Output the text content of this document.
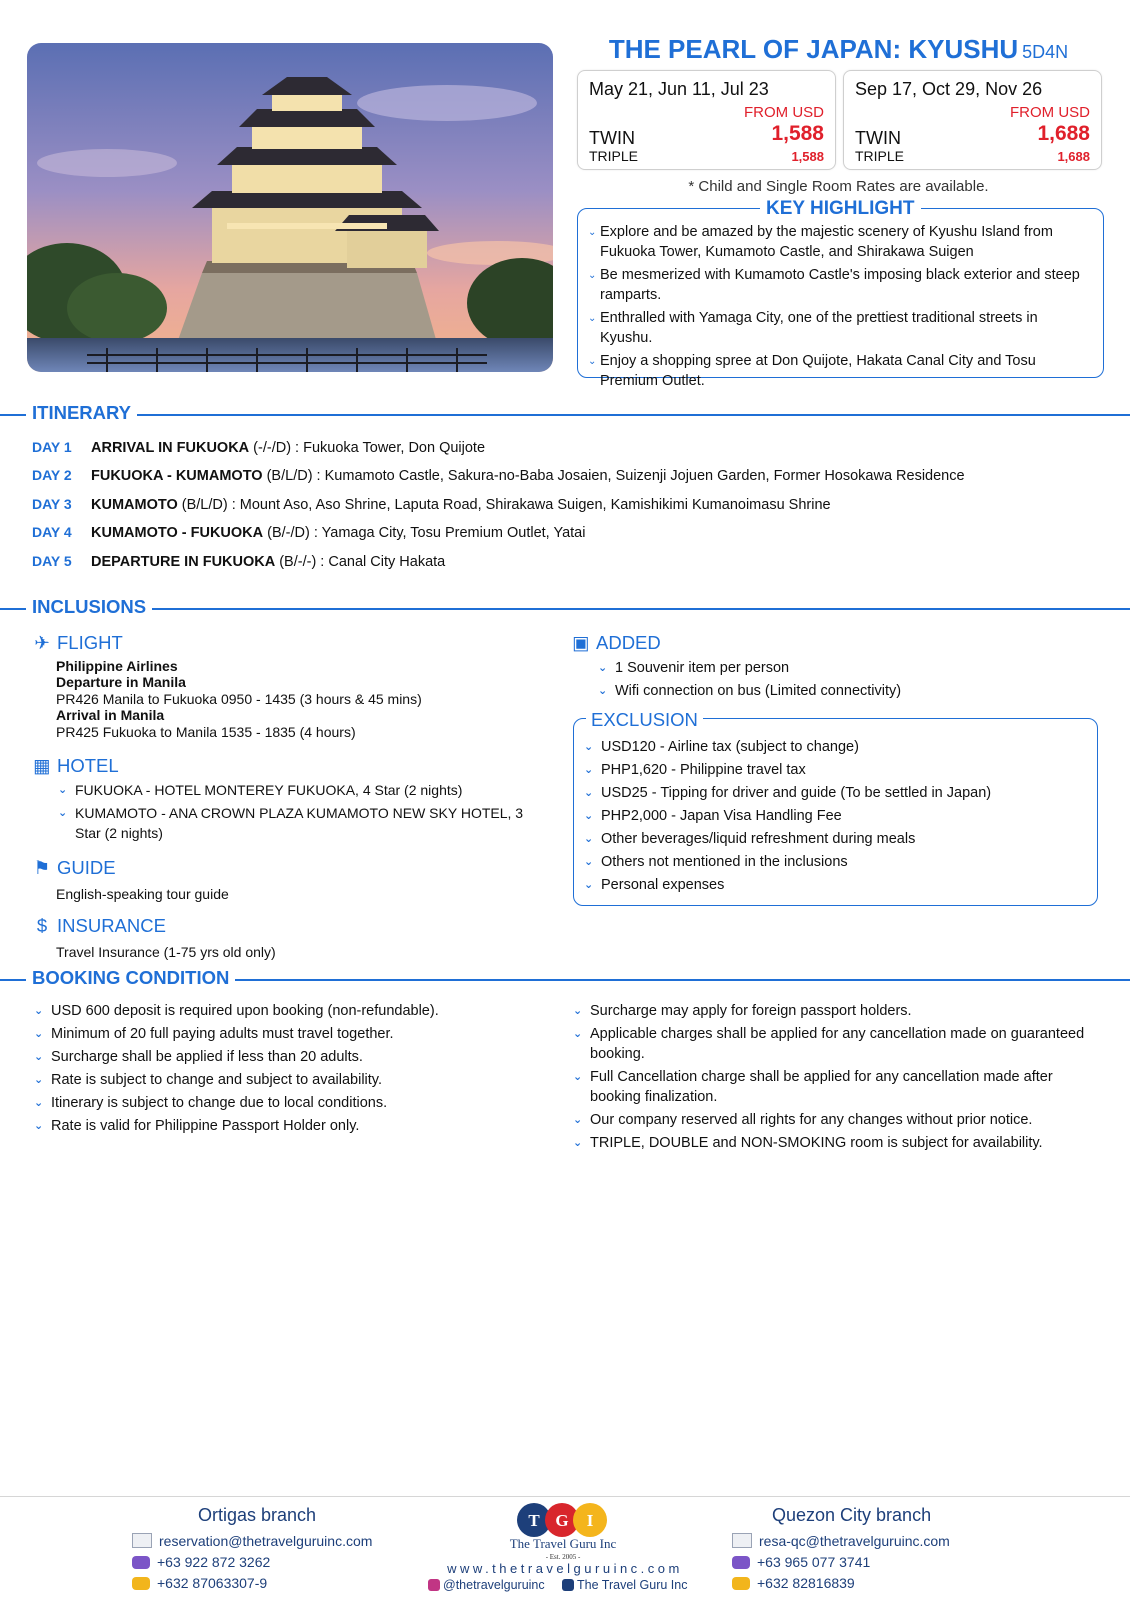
THE PEARL OF JAPAN: KYUSHU 5D4N
May 21, Jun 11, Jul 23
FROM USD
TWIN	1,588
TRIPLE	1,588
Sep 17, Oct 29, Nov 26
FROM USD
TWIN	1,688
TRIPLE	1,688
* Child and Single Room Rates are available.
KEY HIGHLIGHT
⌄ Explore and be amazed by the majestic scenery of Kyushu Island from Fukuoka Tower, Kumamoto Castle, and Shirakawa Suigen
⌄ Be mesmerized with Kumamoto Castle's imposing black exterior and steep ramparts.
⌄ Enthralled with Yamaga City, one of the prettiest traditional streets in Kyushu.
⌄ Enjoy a shopping spree at Don Quijote, Hakata Canal City and Tosu Premium Outlet.
ITINERARY
DAY 1 ARRIVAL IN FUKUOKA (-/-/D) : Fukuoka Tower, Don Quijote
DAY 2 FUKUOKA - KUMAMOTO (B/L/D) : Kumamoto Castle, Sakura-no-Baba Josaien, Suizenji Jojuen Garden, Former Hosokawa Residence
DAY 3 KUMAMOTO (B/L/D) : Mount Aso, Aso Shrine, Laputa Road, Shirakawa Suigen, Kamishikimi Kumanoimasu Shrine
DAY 4 KUMAMOTO - FUKUOKA (B/-/D) : Yamaga City, Tosu Premium Outlet, Yatai
DAY 5 DEPARTURE IN FUKUOKA (B/-/-) : Canal City Hakata
INCLUSIONS
✈ FLIGHT
Philippine Airlines
Departure in Manila
PR426 Manila to Fukuoka 0950 - 1435 (3 hours & 45 mins)
Arrival in Manila
PR425 Fukuoka to Manila 1535 - 1835 (4 hours)
▦ HOTEL
⌄ FUKUOKA - HOTEL MONTEREY FUKUOKA, 4 Star (2 nights)
⌄ KUMAMOTO - ANA CROWN PLAZA KUMAMOTO NEW SKY HOTEL, 3 Star (2 nights)
⚑ GUIDE
English-speaking tour guide
$ INSURANCE
Travel Insurance (1-75 yrs old only)
▣ ADDED
⌄ 1 Souvenir item per person
⌄ Wifi connection on bus (Limited connectivity)
EXCLUSION
⌄ USD120 - Airline tax (subject to change)
⌄ PHP1,620 - Philippine travel tax
⌄ USD25 - Tipping for driver and guide (To be settled in Japan)
⌄ PHP2,000 - Japan Visa Handling Fee
⌄ Other beverages/liquid refreshment during meals
⌄ Others not mentioned in the inclusions
⌄ Personal expenses
BOOKING CONDITION
⌄ USD 600 deposit is required upon booking (non-refundable).
⌄ Minimum of 20 full paying adults must travel together.
⌄ Surcharge shall be applied if less than 20 adults.
⌄ Rate is subject to change and subject to availability.
⌄ Itinerary is subject to change due to local conditions.
⌄ Rate is valid for Philippine Passport Holder only.
⌄ Surcharge may apply for foreign passport holders.
⌄ Applicable charges shall be applied for any cancellation made on guaranteed booking.
⌄ Full Cancellation charge shall be applied for any cancellation made after booking finalization.
⌄ Our company reserved all rights for any changes without prior notice.
⌄ TRIPLE, DOUBLE and NON-SMOKING room is subject for availability.
Ortigas branch
reservation@thetravelguruinc.com
+63 922 872 3262
+632 87063307-9
T G I
The Travel Guru Inc
- Est. 2005 -
www.thetravelguruinc.com
@thetravelguruinc	The Travel Guru Inc
Quezon City branch
resa-qc@thetravelguruinc.com
+63 965 077 3741
+632 82816839
